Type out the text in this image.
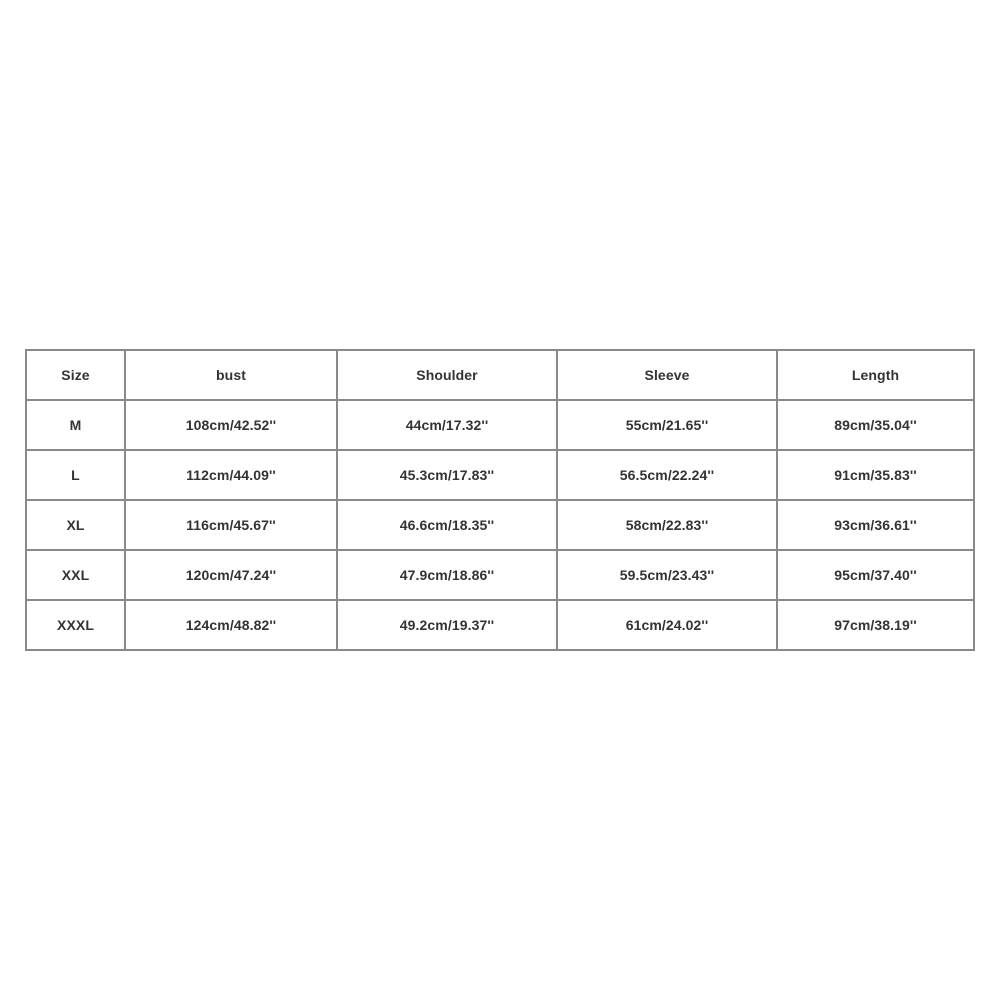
Size	bust	Shoulder	Sleeve	Length
M	108cm/42.52''	44cm/17.32''	55cm/21.65''	89cm/35.04''
L	112cm/44.09''	45.3cm/17.83''	56.5cm/22.24''	91cm/35.83''
XL	116cm/45.67''	46.6cm/18.35''	58cm/22.83''	93cm/36.61''
XXL	120cm/47.24''	47.9cm/18.86''	59.5cm/23.43''	95cm/37.40''
XXXL	124cm/48.82''	49.2cm/19.37''	61cm/24.02''	97cm/38.19''
